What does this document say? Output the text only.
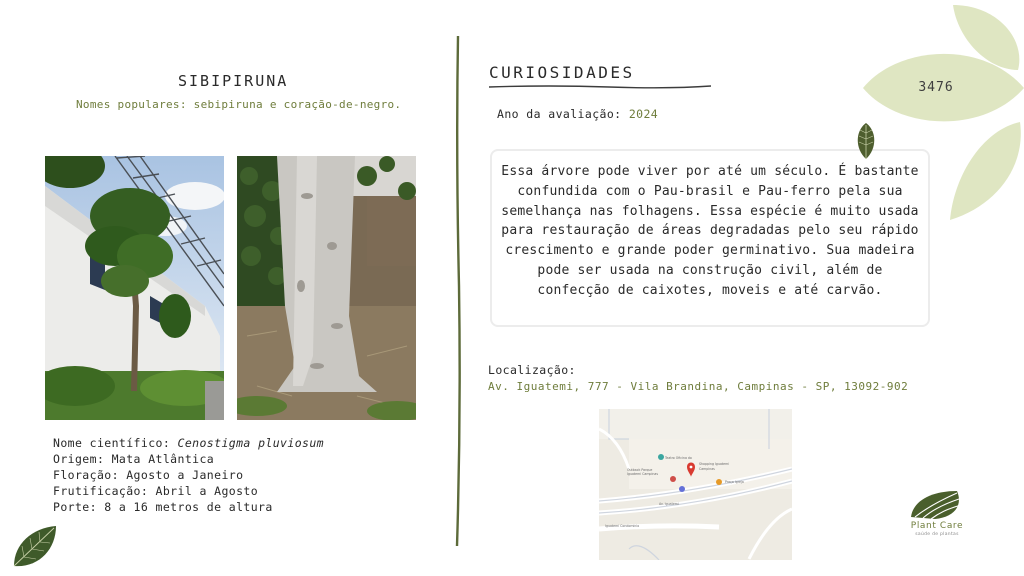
SIBIPIRUNA
Nomes populares: sebipiruna e coração-de-negro.
Nome científico: Cenostigma pluviosum
Origem: Mata Atlântica
Floração: Agosto a Janeiro
Frutificação: Abril a Agosto
Porte: 8 a 16 metros de altura
CURIOSIDADES
Ano da avaliação: 2024
Essa árvore pode viver por até um século. É bastante confundida com o Pau-brasil e Pau-ferro pela sua semelhança nas folhagens. Essa espécie é muito usada para restauração de áreas degradadas pelo seu rápido crescimento e grande poder germinativo. Sua madeira pode ser usada na construção civil, além de confecção de caixotes, moveis e até carvão.
Localização:
Av. Iguatemi, 777 - Vila Brandina, Campinas - SP, 13092-902
Teatro Oficina do
Shopping Iguatemi
Campinas
Outback Parque
Iguatemi Campinas
Praça Igreja
Av. Iguatemi
Iguatemi Condomínio
3476
Plant Care
saúde de plantas
